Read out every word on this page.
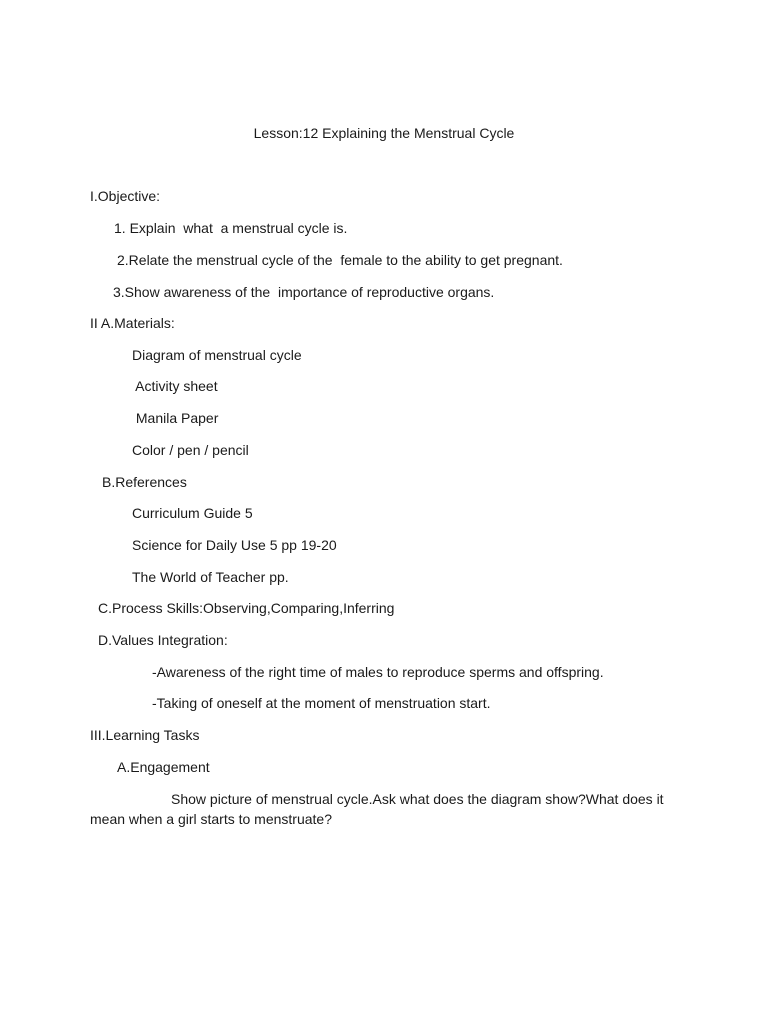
Lesson:12 Explaining the Menstrual Cycle
I.Objective:
1. Explain  what  a menstrual cycle is.
2.Relate the menstrual cycle of the  female to the ability to get pregnant.
3.Show awareness of the  importance of reproductive organs.
II A.Materials:
Diagram of menstrual cycle
Activity sheet
Manila Paper
Color / pen / pencil
B.References
Curriculum Guide 5
Science for Daily Use 5 pp 19-20
The World of Teacher pp.
C.Process Skills:Observing,Comparing,Inferring
D.Values Integration:
-Awareness of the right time of males to reproduce sperms and offspring.
-Taking of oneself at the moment of menstruation start.
III.Learning Tasks
A.Engagement
Show picture of menstrual cycle.Ask what does the diagram show?What does it mean when a girl starts to menstruate?
